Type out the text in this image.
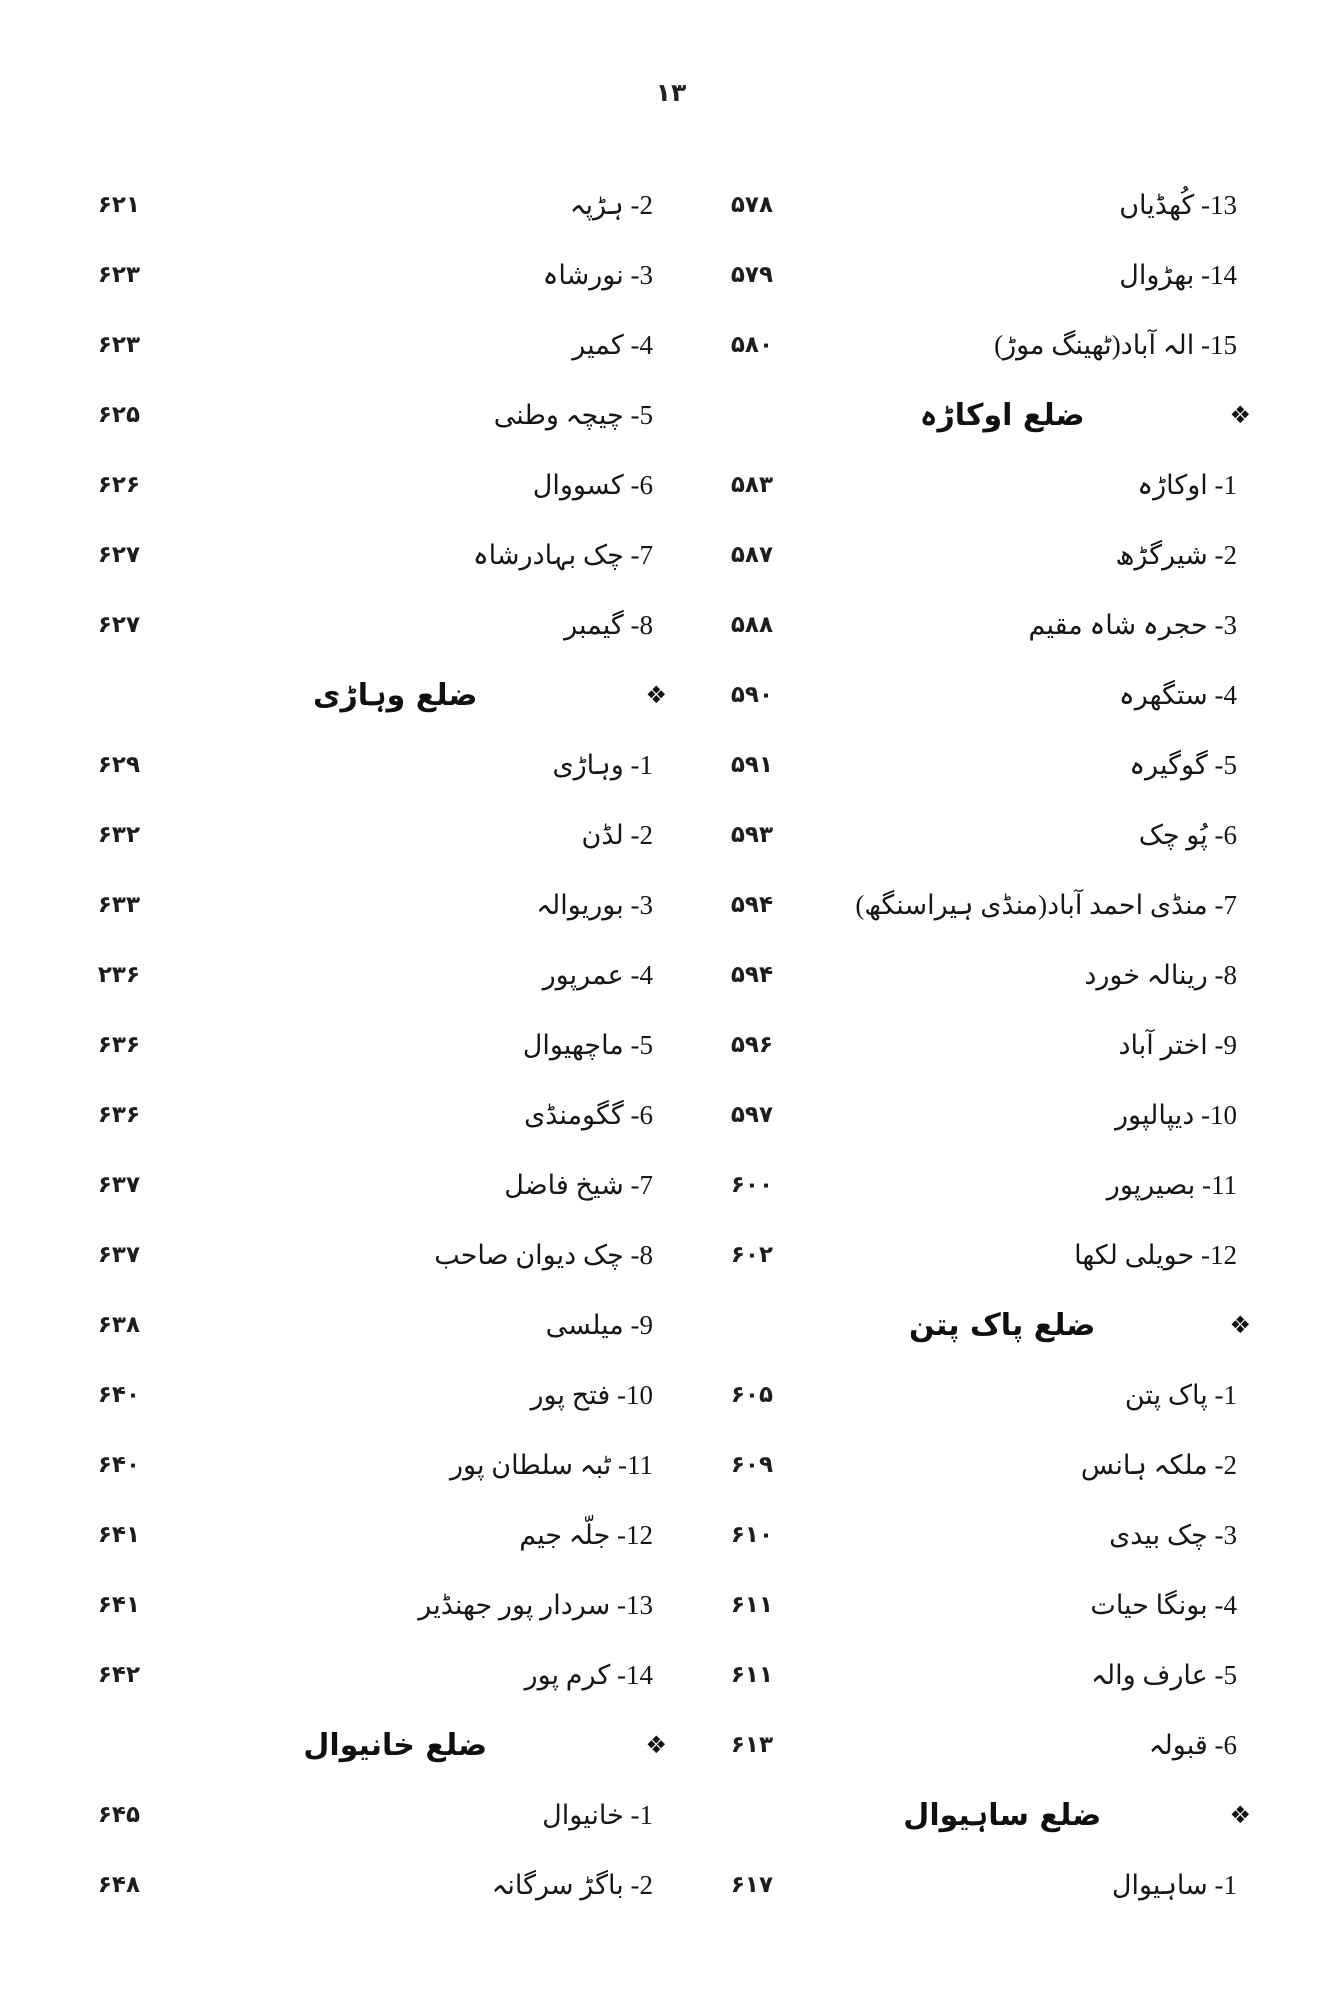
۱۳
13- کُھڈیاں
۵۷۸
2- ہڑپہ
۶۲۱
14- بھڑوال
۵۷۹
3- نورشاہ
۶۲۳
15- الہ آباد(ٹھینگ موڑ)
۵۸۰
4- کمیر
۶۲۳
❖
ضلع اوکاڑہ
5- چیچہ وطنی
۶۲۵
1- اوکاڑہ
۵۸۳
6- کسووال
۶۲۶
2- شیرگڑھ
۵۸۷
7- چک بہادرشاہ
۶۲۷
3- حجرہ شاہ مقیم
۵۸۸
8- گیمبر
۶۲۷
4- ستگھرہ
۵۹۰
❖
ضلع وہاڑی
5- گوگیرہ
۵۹۱
1- وہاڑی
۶۲۹
6- پُو چک
۵۹۳
2- لڈن
۶۳۲
7- منڈی احمد آباد(منڈی ہیراسنگھ)
۵۹۴
3- بوریوالہ
۶۳۳
8- رینالہ خورد
۵۹۴
4- عمرپور
۲۳۶
9- اختر آباد
۵۹۶
5- ماچھیوال
۶۳۶
10- دیپالپور
۵۹۷
6- گگومنڈی
۶۳۶
11- بصیرپور
۶۰۰
7- شیخ فاضل
۶۳۷
12- حویلی لکھا
۶۰۲
8- چک دیوان صاحب
۶۳۷
❖
ضلع پاک پتن
9- میلسی
۶۳۸
1- پاک پتن
۶۰۵
10- فتح پور
۶۴۰
2- ملکہ ہانس
۶۰۹
11- ٹبہ سلطان پور
۶۴۰
3- چک بیدی
۶۱۰
12- جلّہ جیم
۶۴۱
4- بونگا حیات
۶۱۱
13- سردار پور جھنڈیر
۶۴۱
5- عارف والہ
۶۱۱
14- کرم پور
۶۴۲
6- قبولہ
۶۱۳
❖
ضلع خانیوال
❖
ضلع ساہیوال
1- خانیوال
۶۴۵
1- ساہیوال
۶۱۷
2- باگڑ سرگانہ
۶۴۸
